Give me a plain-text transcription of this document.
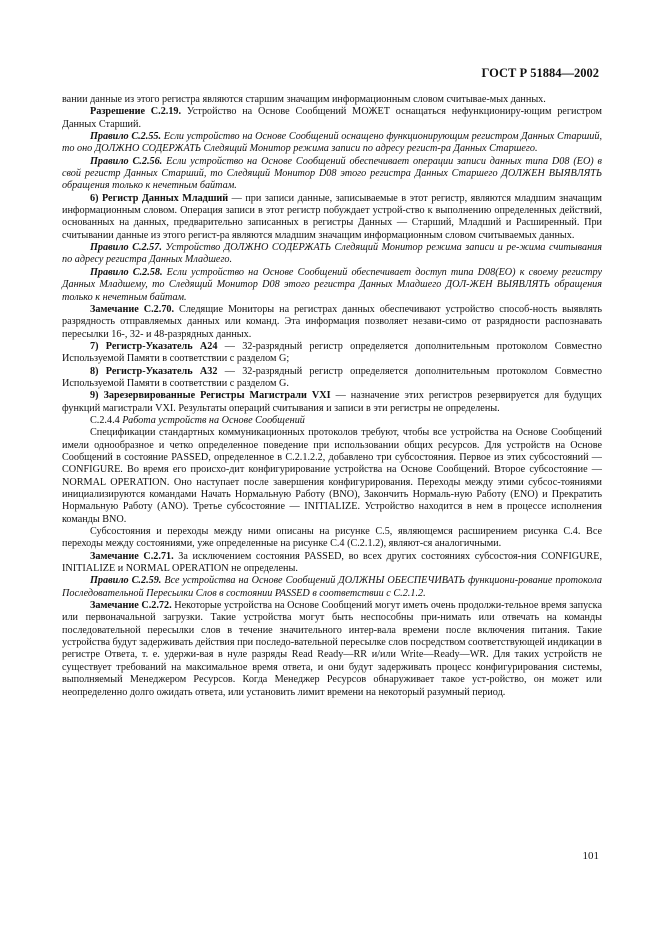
ГОСТ Р 51884—2002

вании данные из этого регистра являются старшим значащим информационным словом считывае-мых данных.

Разрешение С.2.19. Устройство на Основе Сообщений МОЖЕТ оснащаться нефункциониру-ющим регистром Данных Старший.

Правило С.2.55. Если устройство на Основе Сообщений оснащено функционирующим регистром Данных Старший, то оно ДОЛЖНО СОДЕРЖАТЬ Следящий Монитор режима записи по адресу регист-ра Данных Старшего.

Правило С.2.56. Если устройство на Основе Сообщений обеспечивает операции записи данных типа D08 (ЕО) в свой регистр Данных Старший, то Следящий Монитор D08 этого регистра Данных Старшего ДОЛЖЕН ВЫЯВЛЯТЬ обращения только к нечетным байтам.

6) Регистр Данных Младший — при записи данные, записываемые в этот регистр, являются младшим значащим информационным словом. Операция записи в этот регистр побуждает устрой-ство к выполнению определенных действий, основанных на данных, предварительно записанных в регистры Данных — Старший, Младший и Расширенный. При считывании данные из этого регист-ра являются младшим значащим информационным словом считываемых данных.

Правило С.2.57. Устройство ДОЛЖНО СОДЕРЖАТЬ Следящий Монитор режима записи и ре-жима считывания по адресу регистра Данных Младшего.

Правило С.2.58. Если устройство на Основе Сообщений обеспечивает доступ типа D08(EO) к своему регистру Данных Младшему, то Следящий Монитор D08 этого регистра Данных Младшего ДОЛ-ЖЕН ВЫЯВЛЯТЬ обращения только к нечетным байтам.

Замечание С.2.70. Следящие Мониторы на регистрах данных обеспечивают устройство способ-ность выявлять разрядность отправляемых данных или команд. Эта информация позволяет незави-симо от разрядности распознавать пересылки 16-, 32- и 48-разрядных данных.

7) Регистр-Указатель А24 — 32-разрядный регистр определяется дополнительным протоколом Совместно Используемой Памяти в соответствии с разделом G;

8) Регистр-Указатель А32 — 32-разрядный регистр определяется дополнительным протоколом Совместно Используемой Памяти в соответствии с разделом G.

9) Зарезервированные Регистры Магистрали VXI — назначение этих регистров резервируется для будущих функций магистрали VXI. Результаты операций считывания и записи в эти регистры не определены.

С.2.4.4 Работа устройств на Основе Сообщений

Спецификации стандартных коммуникационных протоколов требуют, чтобы все устройства на Основе Сообщений имели однообразное и четко определенное поведение при использовании общих ресурсов. Для устройств на Основе Сообщений в состояние PASSED, определенное в С.2.1.2.2, добавлено три субсостояния. Первое из этих субсостояний — CONFIGURE. Во время его происхо-дит конфигурирование устройства на Основе Сообщений. Второе субсостояние — NORMAL OPERATION. Оно наступает после завершения конфигурирования. Переходы между этими субсос-тояниями инициализируются командами Начать Нормальную Работу (BNO), Закончить Нормаль-ную Работу (ENO) и Прекратить Нормальную Работу (ANO). Третье субсостояние — INITIALIZE. Устройство находится в нем в процессе исполнения команды BNO.

Субсостояния и переходы между ними описаны на рисунке С.5, являющемся расширением рисунка С.4. Все переходы между состояниями, уже определенные на рисунке С.4 (С.2.1.2), являют-ся аналогичными.

Замечание С.2.71. За исключением состояния PASSED, во всех других состояниях субсостоя-ния CONFIGURE, INITIALIZE и NORMAL OPERATION не определены.

Правило С.2.59. Все устройства на Основе Сообщений ДОЛЖНЫ ОБЕСПЕЧИВАТЬ функциони-рование протокола Последовательной Пересылки Слов в состоянии PASSED в соответствии с С.2.1.2.

Замечание С.2.72. Некоторые устройства на Основе Сообщений могут иметь очень продолжи-тельное время запуска или первоначальной загрузки. Такие устройства могут быть неспособны при-нимать или отвечать на команды последовательной пересылки слов в течение значительного интер-вала времени после включения питания. Такие устройства будут задерживать действия при последо-вательной пересылке слов посредством соответствующей индикации в регистре Ответа, т. е. удержи-вая в нуле разряды Read Ready—RR и/или Write—Ready—WR. Для таких устройств не существует требований на максимальное время ответа, и они будут задерживать процесс конфигурирования системы, выполняемый Менеджером Ресурсов. Когда Менеджер Ресурсов обнаруживает такое уст-ройство, он может или неопределенно долго ожидать ответа, или установить лимит времени на некоторый разумный период.

101
